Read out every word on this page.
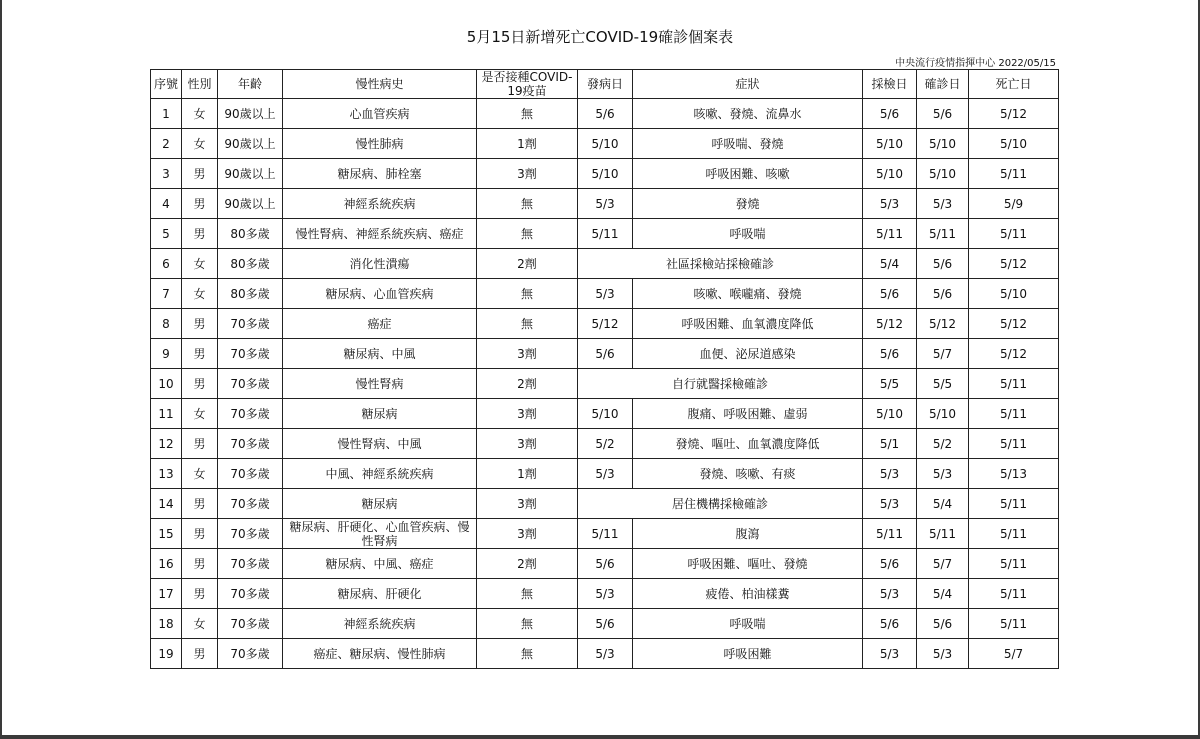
5月15日新增死亡COVID-19確診個案表
中央流行疫情指揮中心 2022/05/15
序號	性別	年齡	慢性病史	是否接種COVID-19疫苗	發病日	症狀	採檢日	確診日	死亡日
1	女	90歲以上	心血管疾病	無	5/6	咳嗽、發燒、流鼻水	5/6	5/6	5/12
2	女	90歲以上	慢性肺病	1劑	5/10	呼吸喘、發燒	5/10	5/10	5/10
3	男	90歲以上	糖尿病、肺栓塞	3劑	5/10	呼吸困難、咳嗽	5/10	5/10	5/11
4	男	90歲以上	神經系統疾病	無	5/3	發燒	5/3	5/3	5/9
5	男	80多歲	慢性腎病、神經系統疾病、癌症	無	5/11	呼吸喘	5/11	5/11	5/11
6	女	80多歲	消化性潰瘍	2劑	社區採檢站採檢確診		5/4	5/6	5/12
7	女	80多歲	糖尿病、心血管疾病	無	5/3	咳嗽、喉嚨痛、發燒	5/6	5/6	5/10
8	男	70多歲	癌症	無	5/12	呼吸困難、血氧濃度降低	5/12	5/12	5/12
9	男	70多歲	糖尿病、中風	3劑	5/6	血便、泌尿道感染	5/6	5/7	5/12
10	男	70多歲	慢性腎病	2劑	自行就醫採檢確診		5/5	5/5	5/11
11	女	70多歲	糖尿病	3劑	5/10	腹痛、呼吸困難、虛弱	5/10	5/10	5/11
12	男	70多歲	慢性腎病、中風	3劑	5/2	發燒、嘔吐、血氧濃度降低	5/1	5/2	5/11
13	女	70多歲	中風、神經系統疾病	1劑	5/3	發燒、咳嗽、有痰	5/3	5/3	5/13
14	男	70多歲	糖尿病	3劑	居住機構採檢確診		5/3	5/4	5/11
15	男	70多歲	糖尿病、肝硬化、心血管疾病、慢性腎病	3劑	5/11	腹瀉	5/11	5/11	5/11
16	男	70多歲	糖尿病、中風、癌症	2劑	5/6	呼吸困難、嘔吐、發燒	5/6	5/7	5/11
17	男	70多歲	糖尿病、肝硬化	無	5/3	疲倦、柏油樣糞	5/3	5/4	5/11
18	女	70多歲	神經系統疾病	無	5/6	呼吸喘	5/6	5/6	5/11
19	男	70多歲	癌症、糖尿病、慢性肺病	無	5/3	呼吸困難	5/3	5/3	5/7
